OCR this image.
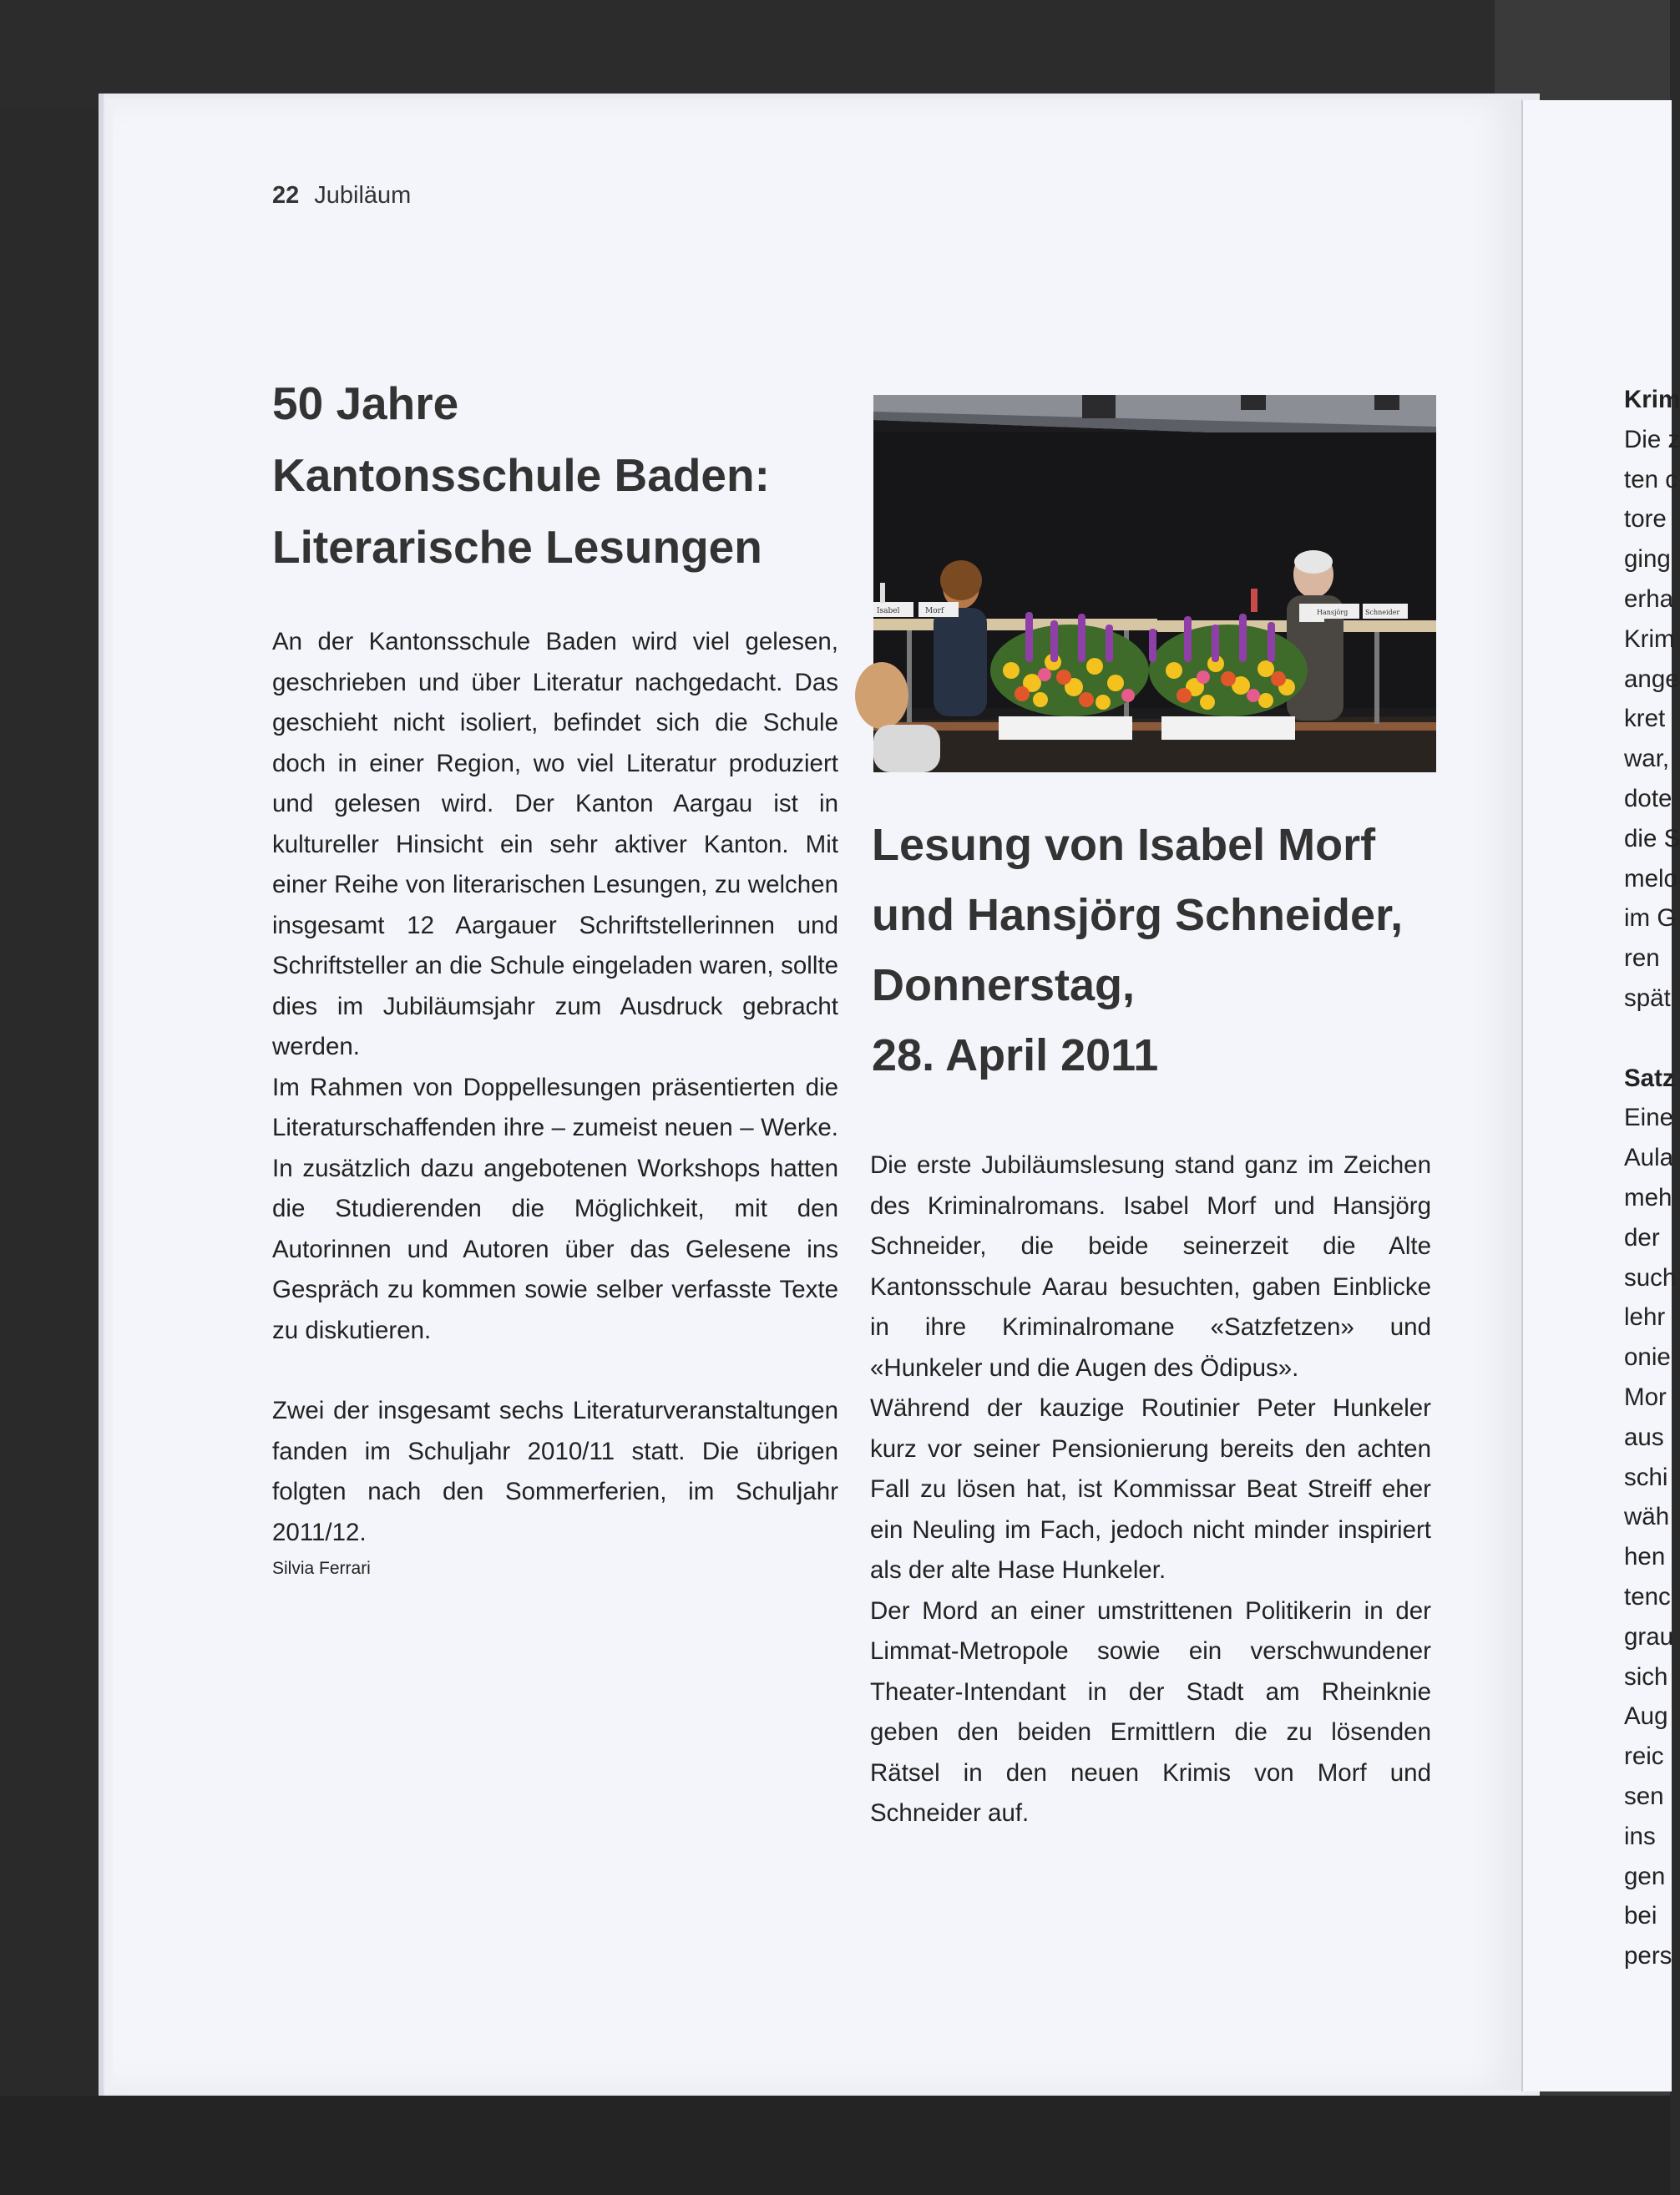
22 Jubiläum
50 Jahre
Kantonsschule Baden:
Literarische Lesungen

An der Kantonsschule Baden wird viel gelesen, geschrieben und über Literatur nachgedacht. Das geschieht nicht isoliert, befindet sich die Schule doch in einer Region, wo viel Literatur produziert und gelesen wird. Der Kanton Aargau ist in kultureller Hinsicht ein sehr aktiver Kanton. Mit einer Reihe von literarischen Lesungen, zu welchen insgesamt 12 Aargauer Schriftstellerinnen und Schriftsteller an die Schule eingeladen waren, sollte dies im Jubiläumsjahr zum Ausdruck gebracht werden.

Im Rahmen von Doppellesungen präsentierten die Literaturschaffenden ihre – zumeist neuen – Werke. In zusätzlich dazu angebotenen Workshops hatten die Studierenden die Möglichkeit, mit den Autorinnen und Autoren über das Gelesene ins Gespräch zu kommen sowie selber verfasste Texte zu diskutieren.

Zwei der insgesamt sechs Literaturveranstaltungen fanden im Schuljahr 2010/11 statt. Die übrigen folgten nach den Sommerferien, im Schuljahr 2011/12.

Silvia Ferrari
Isabel	Morf	Hansjörg	Schneider
Lesung von Isabel Morf
und Hansjörg Schneider,
Donnerstag,
28. April 2011

Die erste Jubiläumslesung stand ganz im Zeichen des Kriminalromans. Isabel Morf und Hansjörg Schneider, die beide seinerzeit die Alte Kantonsschule Aarau besuchten, gaben Einblicke in ihre Kriminalromane «Satzfetzen» und «Hunkeler und die Augen des Ödipus».

Während der kauzige Routinier Peter Hunkeler kurz vor seiner Pensionierung bereits den achten Fall zu lösen hat, ist Kommissar Beat Streiff eher ein Neuling im Fach, jedoch nicht minder inspiriert als der alte Hase Hunkeler.

Der Mord an einer umstrittenen Politikerin in der Limmat-Metropole sowie ein verschwundener Theater-Intendant in der Stadt am Rheinknie geben den beiden Ermittlern die zu lösenden Rätsel in den neuen Krimis von Morf und Schneider auf.

Krim
Die z
ten c
tore
ging
erha
Krim
ange
kret
war,
dote
die S
melo
im G
ren
spät
Satz
Eine
Aula
meh
der
such
lehr
onie
Mor
aus
schi
wäh
hen
tenc
grau
sich
Aug
reic
sen
ins
gen
bei
pers
